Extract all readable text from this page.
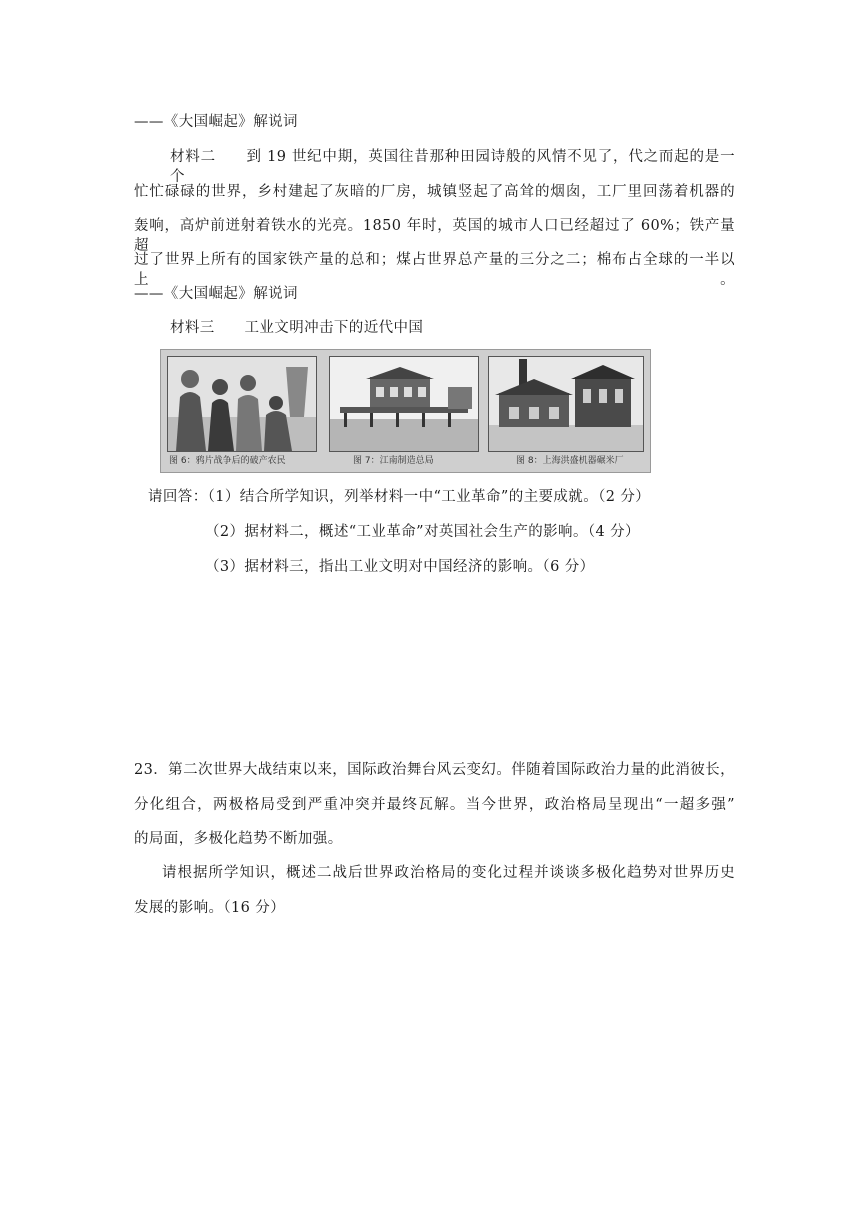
——《大国崛起》解说词
材料二　　到 19 世纪中期，英国往昔那种田园诗般的风情不见了，代之而起的是一个
忙忙碌碌的世界，乡村建起了灰暗的厂房，城镇竖起了高耸的烟囱，工厂里回荡着机器的
轰响，高炉前迸射着铁水的光亮。1850 年时，英国的城市人口已经超过了 60%；铁产量超
过了世界上所有的国家铁产量的总和；煤占世界总产量的三分之二；棉布占全球的一半以上。
——《大国崛起》解说词
材料三　　工业文明冲击下的近代中国
图 6：鸦片战争后的破产农民	图 7：江南制造总局	图 8：上海洪盛机器碾米厂
请回答：（1）结合所学知识，列举材料一中“工业革命”的主要成就。（2 分）
（2）据材料二，概述“工业革命”对英国社会生产的影响。（4 分）
（3）据材料三，指出工业文明对中国经济的影响。（6 分）
23．第二次世界大战结束以来，国际政治舞台风云变幻。伴随着国际政治力量的此消彼长，
分化组合，两极格局受到严重冲突并最终瓦解。当今世界，政治格局呈现出“一超多强”
的局面，多极化趋势不断加强。
请根据所学知识，概述二战后世界政治格局的变化过程并谈谈多极化趋势对世界历史
发展的影响。（16 分）
